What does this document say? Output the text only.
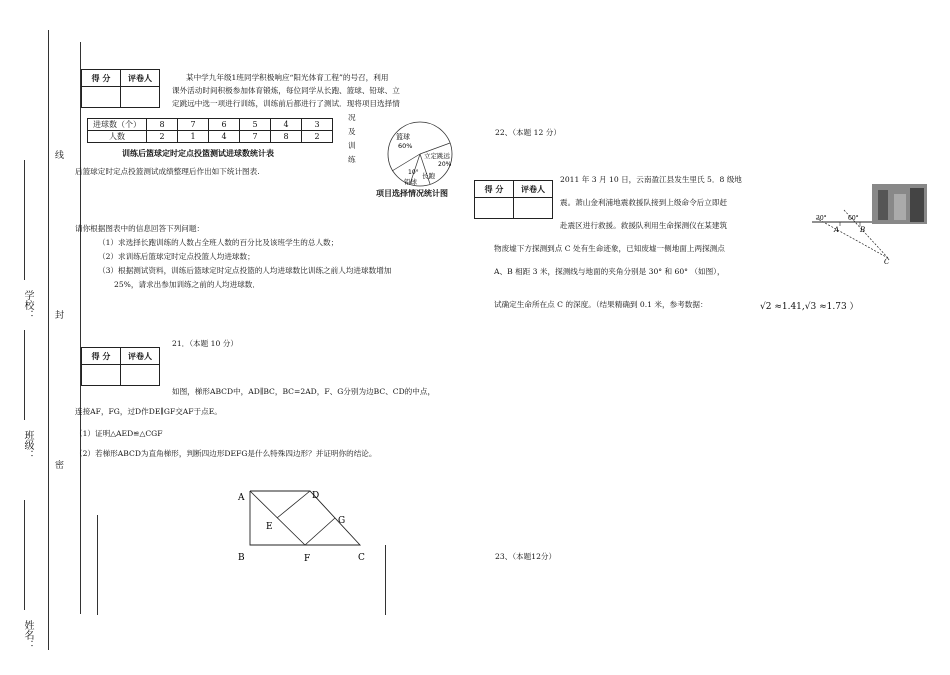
线
封
密
学校：
班级：
姓名：
得 分	评卷人
		某中学九年级1班同学积极响应“阳光体育工程”的号召，利用
课外活动时间积极参加体育锻炼，每位同学从长跑、篮球、铅球、立
定跳远中选一项进行训练，训练前后都进行了测试．现将项目选择情
况
及
训
练
进球数（个）	8	7	6	5	4	3
人数	2	1	4	7	8	2
训练后篮球定时定点投篮测试进球数统计表
后篮球定时定点投篮测试成绩整理后作出如下统计图表.
篮球
60%
立定跳远
20%
10° 长跑
铅球
项目选择情况统计图
请你根据图表中的信息回答下列问题：
（1）求选择长跑训练的人数占全班人数的百分比及该班学生的总人数；
（2）求训练后篮球定时定点投篮人均进球数；
（3）根据测试资料，训练后篮球定时定点投篮的人均进球数比训练之前人均进球数增加
25%，请求出参加训练之前的人均进球数．
21．（本题 10 分）
得 分	评卷人

如图，梯形ABCD中，AD∥BC，BC=2AD，F、G分别为边BC、CD的中点，
连接AF，FG，过D作DE∥GF交AF于点E。
（1）证明△AED≌△CGF
（2）若梯形ABCD为直角梯形，判断四边形DEFG是什么特殊四边形？并证明你的结论。
A	D
G
E
B	F	C
22、（本题 12 分）
得 分	评卷人

2011 年 3 月 10 日，云南盈江县发生里氏 5．8 级地
震。萧山金利浦地震救援队接到上级命令后立即赶
赴震区进行救援。救援队利用生命探测仪在某建筑
物废墟下方探测到点 C 处有生命迹象，已知废墟一侧地面上两探测点
A、B 相距 3 米，探测线与地面的夹角分别是 30° 和 60° （如图），
试确定生命所在点 C 的深度。（结果精确到 0.1 米，参考数据：	√2 ≈1.41,√3 ≈1.73 ）
30°	60°
A	B
C
23、（本题12分）
